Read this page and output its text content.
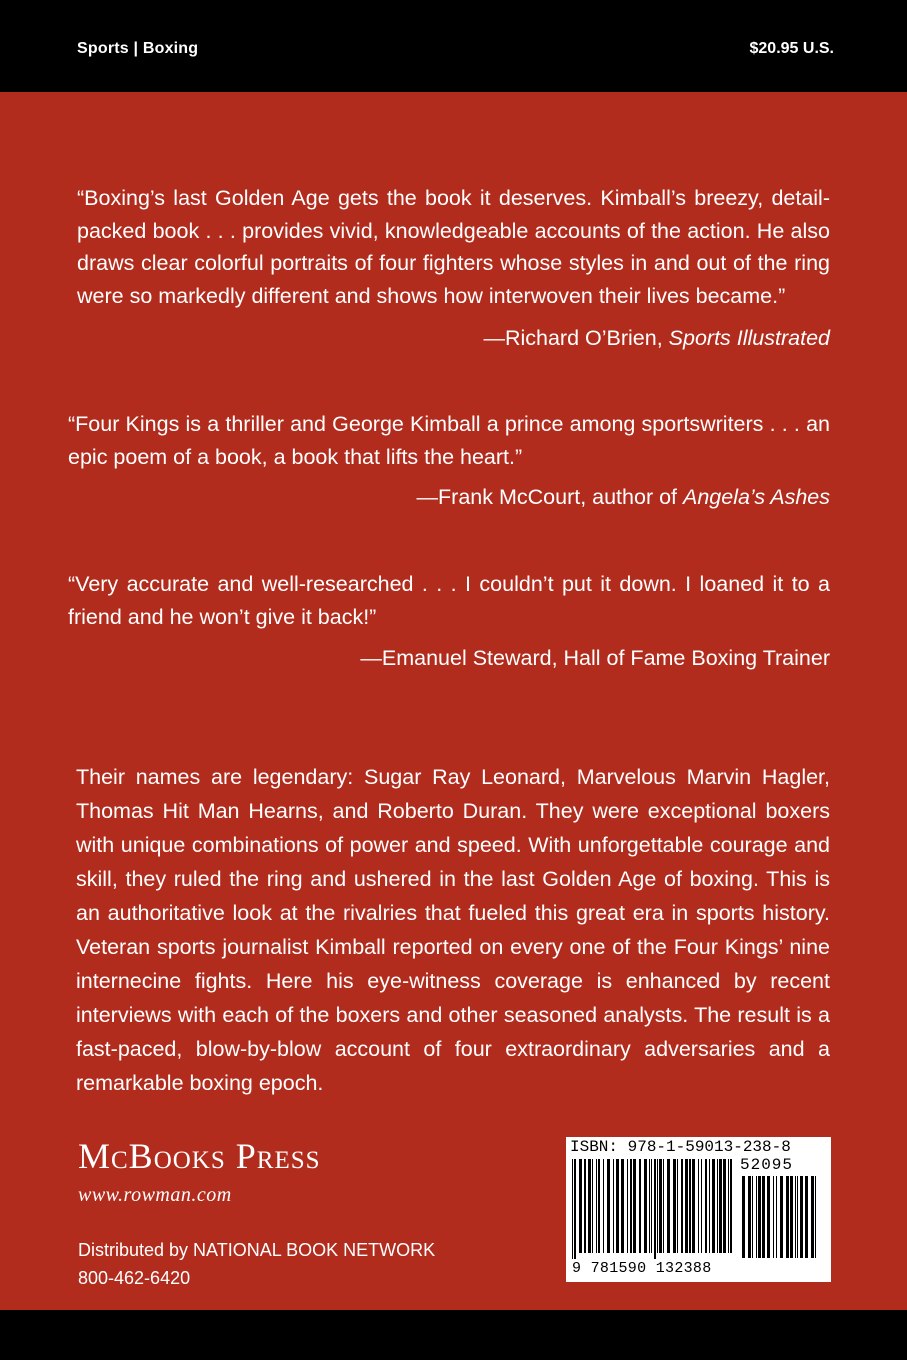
Sports | Boxing	$20.95 U.S.
“Boxing’s last Golden Age gets the book it deserves. Kimball’s breezy, detail-packed book . . . provides vivid, knowledgeable accounts of the action. He also draws clear colorful portraits of four fighters whose styles in and out of the ring were so markedly different and shows how interwoven their lives became.”
—Richard O’Brien, Sports Illustrated
“Four Kings is a thriller and George Kimball a prince among sportswriters . . . an epic poem of a book, a book that lifts the heart.”
—Frank McCourt, author of Angela’s Ashes
“Very accurate and well-researched . . . I couldn’t put it down. I loaned it to a friend and he won’t give it back!”
—Emanuel Steward, Hall of Fame Boxing Trainer
Their names are legendary: Sugar Ray Leonard, Marvelous Marvin Hagler, Thomas Hit Man Hearns, and Roberto Duran. They were exceptional boxers with unique combinations of power and speed. With unforgettable courage and skill, they ruled the ring and ushered in the last Golden Age of boxing. This is an authoritative look at the rivalries that fueled this great era in sports history. Veteran sports journalist Kimball reported on every one of the Four Kings’ nine internecine fights. Here his eye-witness coverage is enhanced by recent interviews with each of the boxers and other seasoned analysts. The result is a fast-paced, blow-by-blow account of four extraordinary adversaries and a remarkable boxing epoch.
McBooks Press
www.rowman.com
Distributed by NATIONAL BOOK NETWORK
800-462-6420
ISBN: 978-1-59013-238-8
52095
9 781590 132388
